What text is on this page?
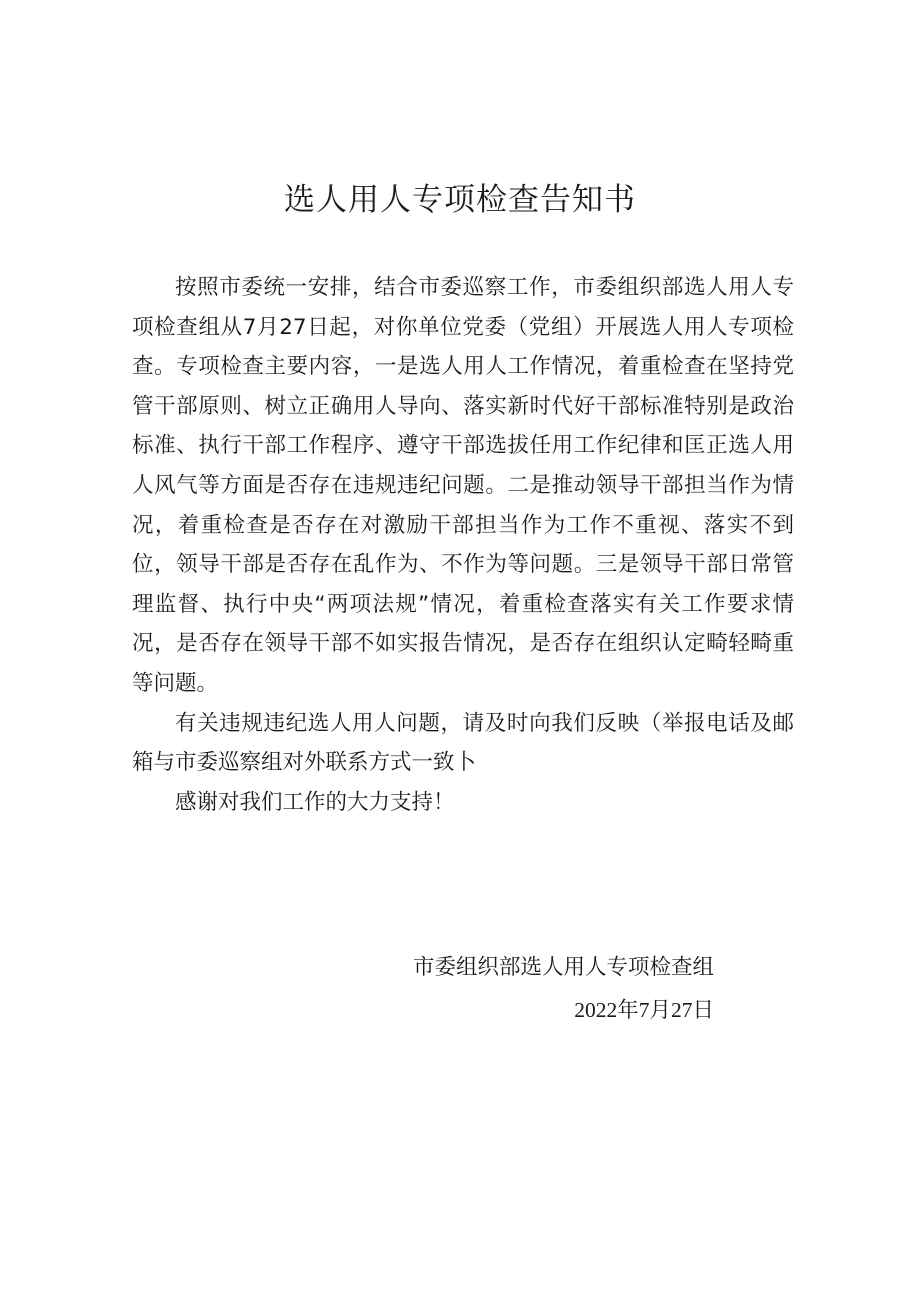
选人用人专项检查告知书

按照市委统一安排，结合市委巡察工作，市委组织部选人用人专项检查组从7月27日起，对你单位党委（党组）开展选人用人专项检查。专项检查主要内容，一是选人用人工作情况，着重检查在坚持党管干部原则、树立正确用人导向、落实新时代好干部标准特别是政治标准、执行干部工作程序、遵守干部选拔任用工作纪律和匡正选人用人风气等方面是否存在违规违纪问题。二是推动领导干部担当作为情况，着重检查是否存在对激励干部担当作为工作不重视、落实不到位，领导干部是否存在乱作为、不作为等问题。三是领导干部日常管理监督、执行中央“两项法规”情况，着重检查落实有关工作要求情况，是否存在领导干部不如实报告情况，是否存在组织认定畸轻畸重等问题。

有关违规违纪选人用人问题，请及时向我们反映（举报电话及邮箱与市委巡察组对外联系方式一致卜

感谢对我们工作的大力支持！

市委组织部选人用人专项检查组
2022年7月27日
